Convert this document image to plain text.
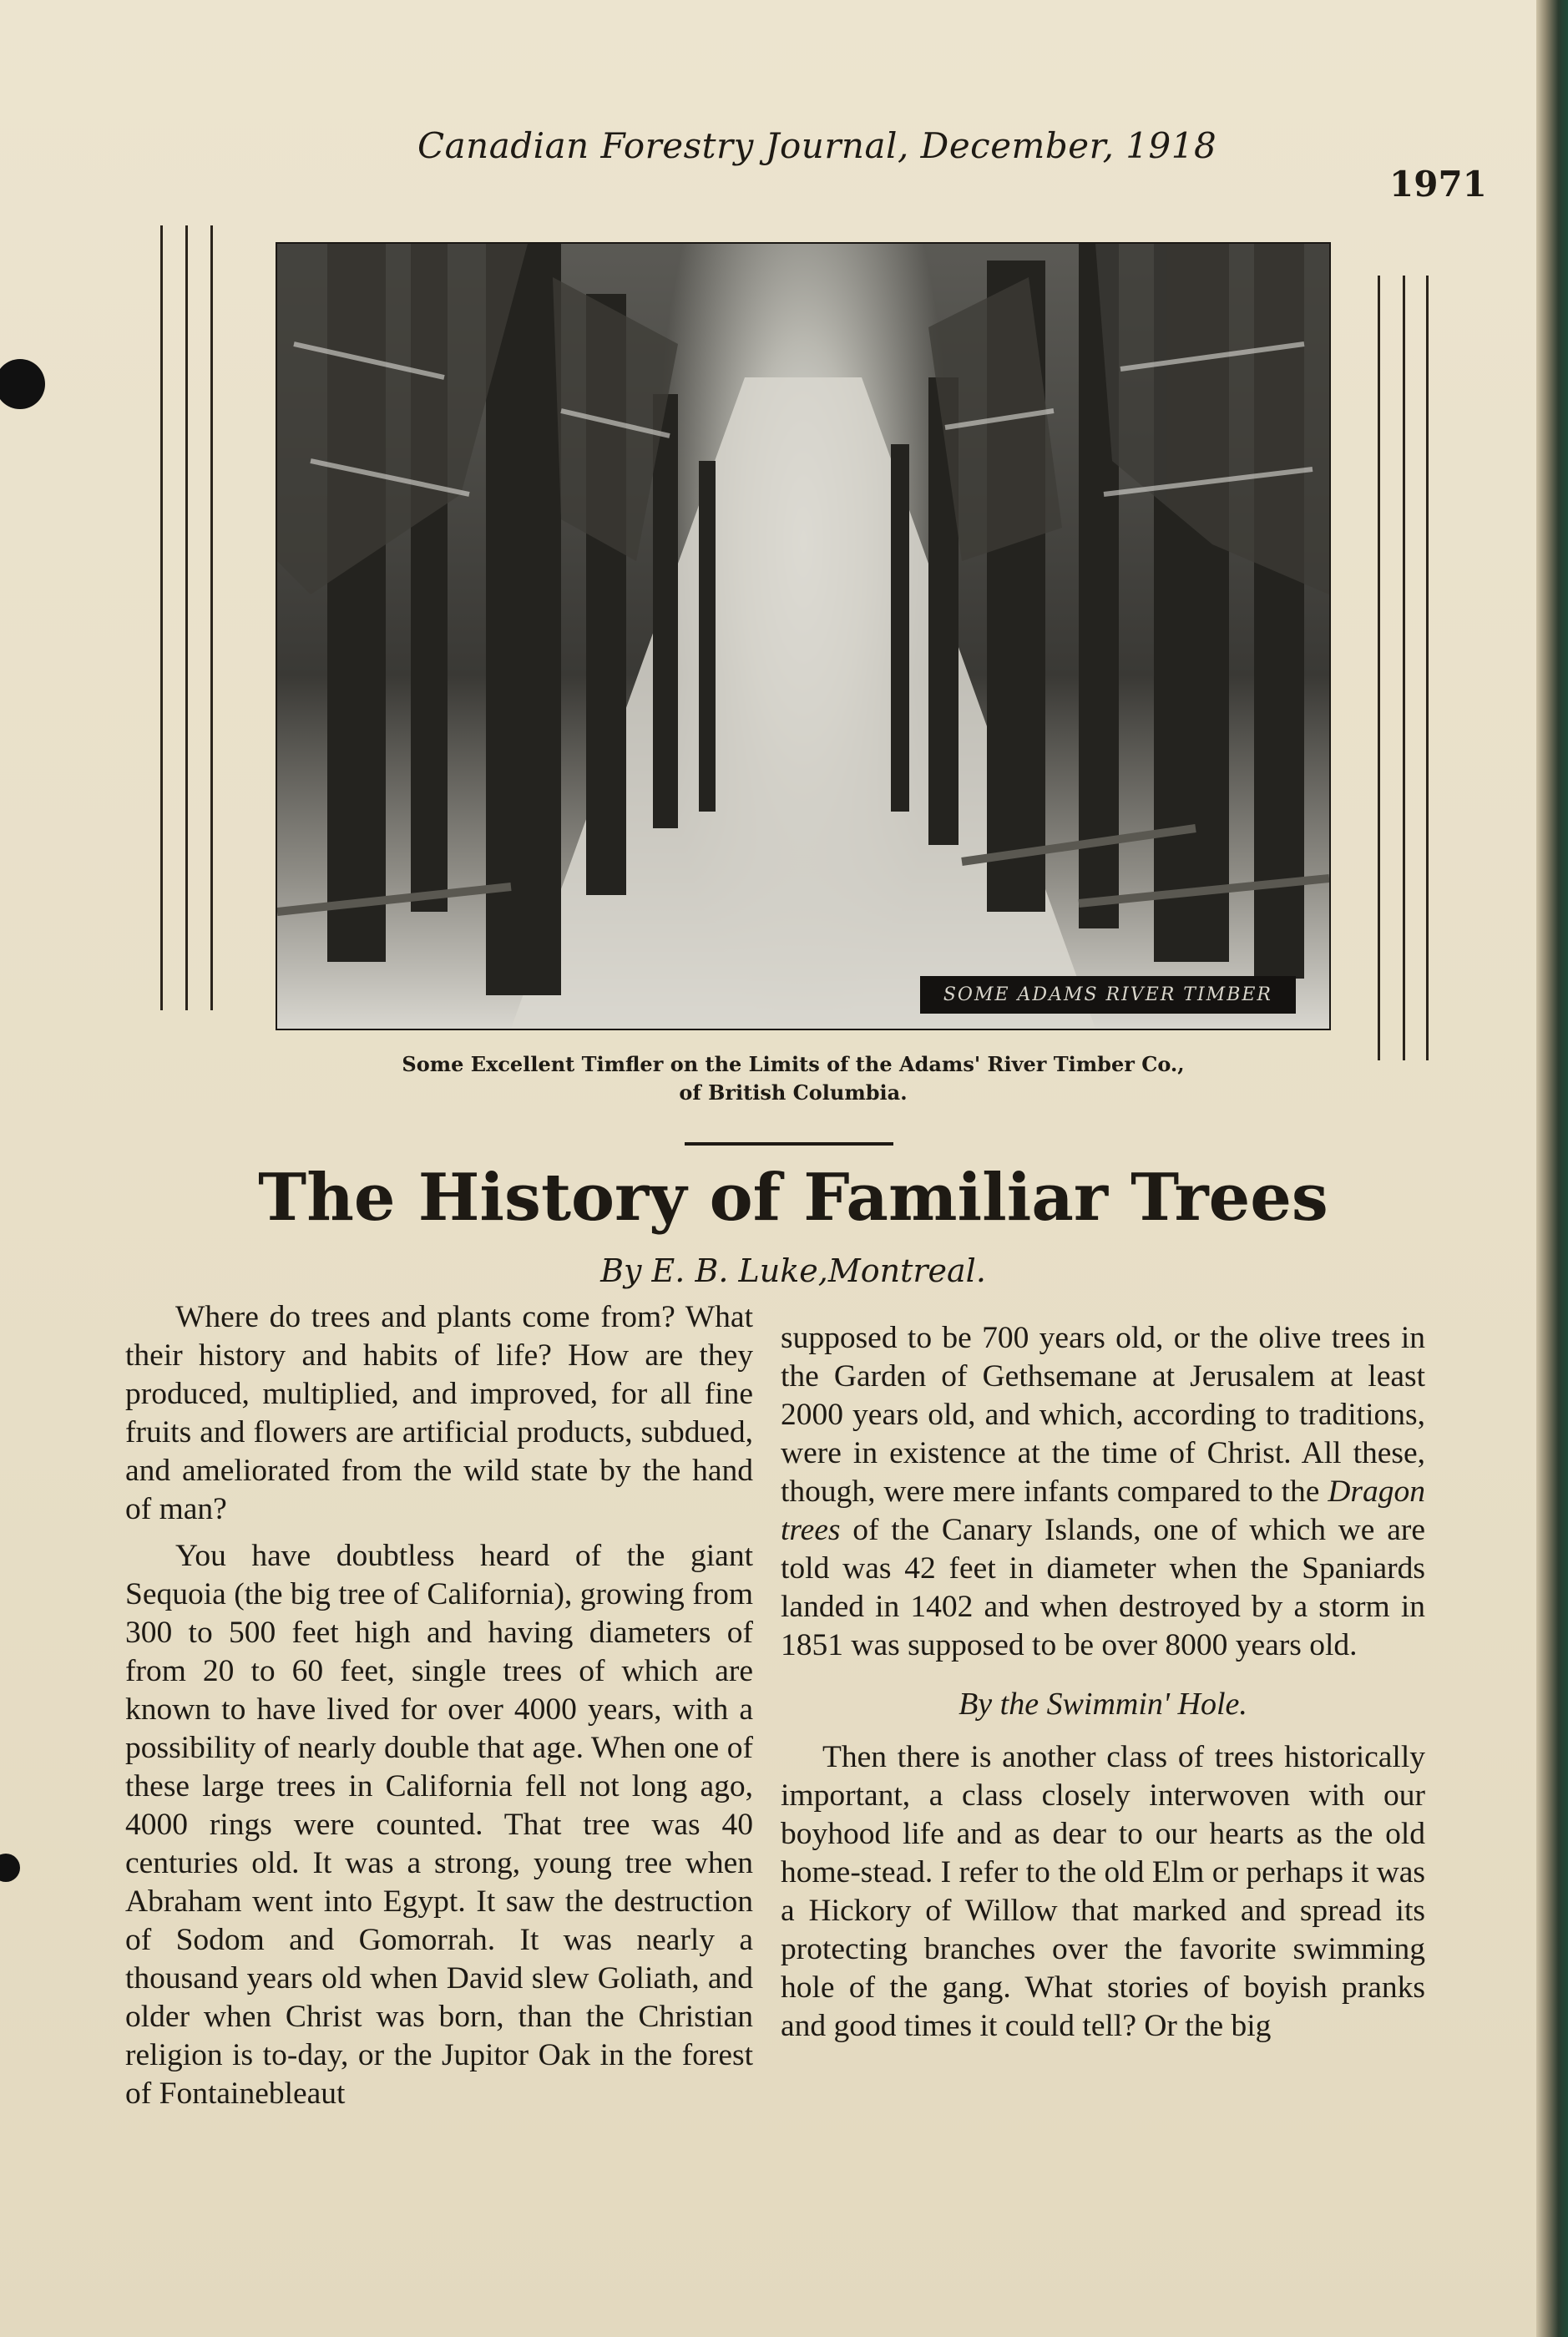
Canadian Forestry Journal, December, 1918
1971
SOME ADAMS RIVER TIMBER
Some Excellent Timfler on the Limits of the Adams' River Timber Co.,
of British Columbia.
The History of Familiar Trees
By E. B. Luke,Montreal.

Where do trees and plants come from? What their history and habits of life? How are they produced, multiplied, and improved, for all fine fruits and flowers are artificial products, subdued, and ameliorated from the wild state by the hand of man?

You have doubtless heard of the giant Sequoia (the big tree of California), growing from 300 to 500 feet high and having diameters of from 20 to 60 feet, single trees of which are known to have lived for over 4000 years, with a possibility of nearly double that age. When one of these large trees in California fell not long ago, 4000 rings were counted. That tree was 40 centuries old. It was a strong, young tree when Abraham went into Egypt. It saw the destruction of Sodom and Gomorrah. It was nearly a thousand years old when David slew Goliath, and older when Christ was born, than the Christian religion is to-day, or the Jupitor Oak in the forest of Fontainebleaut

supposed to be 700 years old, or the olive trees in the Garden of Gethsemane at Jerusalem at least 2000 years old, and which, according to traditions, were in existence at the time of Christ. All these, though, were mere infants compared to the Dragon trees of the Canary Islands, one of which we are told was 42 feet in diameter when the Spaniards landed in 1402 and when destroyed by a storm in 1851 was supposed to be over 8000 years old.

By the Swimmin' Hole.

Then there is another class of trees historically important, a class closely interwoven with our boyhood life and as dear to our hearts as the old home-stead. I refer to the old Elm or perhaps it was a Hickory of Willow that marked and spread its protecting branches over the favorite swimming hole of the gang. What stories of boyish pranks and good times it could tell? Or the big
